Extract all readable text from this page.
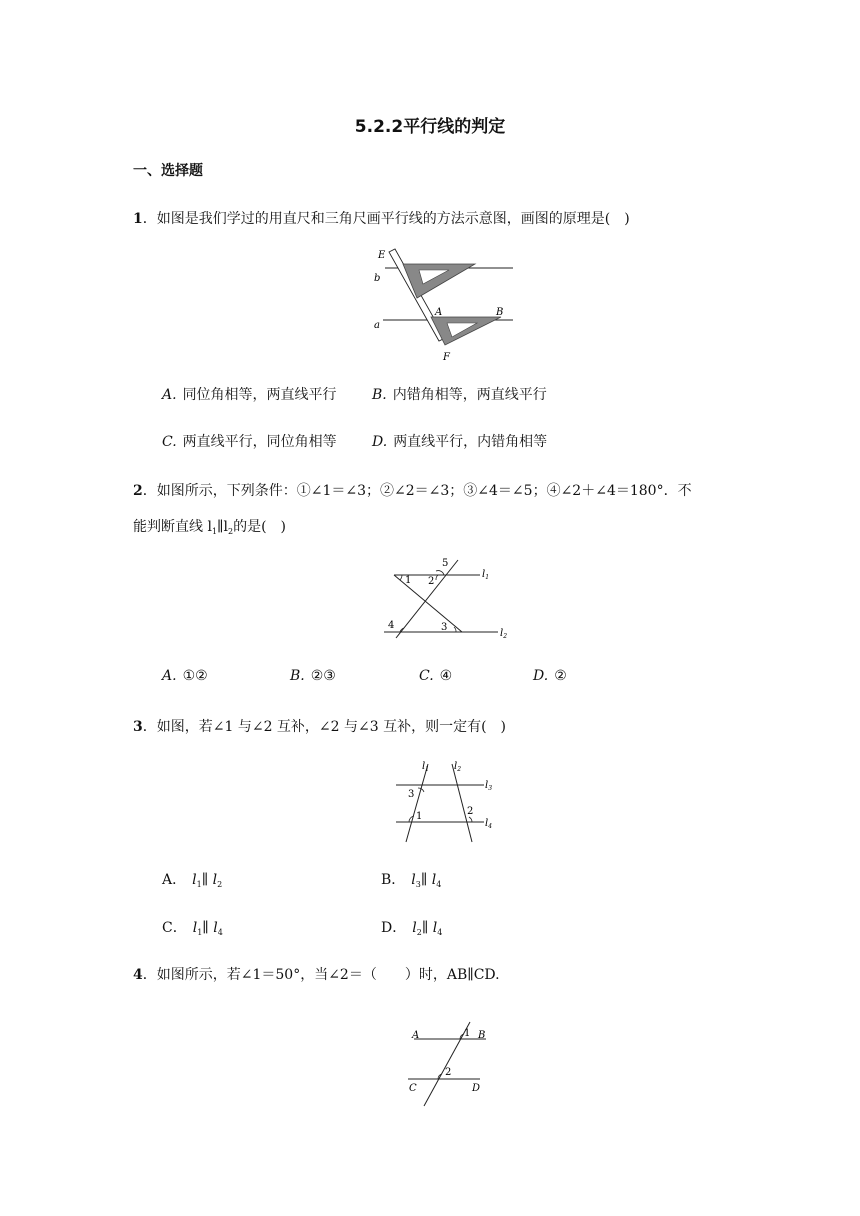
5.2.2平行线的判定
一、选择题
1．如图是我们学过的用直尺和三角尺画平行线的方法示意图，画图的原理是(　)
E
b
A	B
a
F
A. 同位角相等，两直线平行	B. 内错角相等，两直线平行
C. 两直线平行，同位角相等	D. 两直线平行，内错角相等
2．如图所示，下列条件：①∠1＝∠3；②∠2＝∠3；③∠4＝∠5；④∠2＋∠4＝180°．不
能判断直线 $l_1\parallel l_2$的是(　)
1 2
5
3
4
$l_1$
$l_2$
A. ①②	B. ②③	C. ④	D. ②
3．如图，若∠1 与∠2 互补，∠2 与∠3 互补，则一定有(　)
3
1	2
$l_1$ $l_2$
$l_3$
$l_4$
A． $l_1\parallel$ $l_2$	B． $l_3\parallel$ $l_4$
C． $l_1\parallel$ $l_4$	D． $l_2\parallel$ $l_4$
4．如图所示，若∠1＝50°，当∠2＝（　　）时，AB∥CD.
A	B
C	D
1
2
